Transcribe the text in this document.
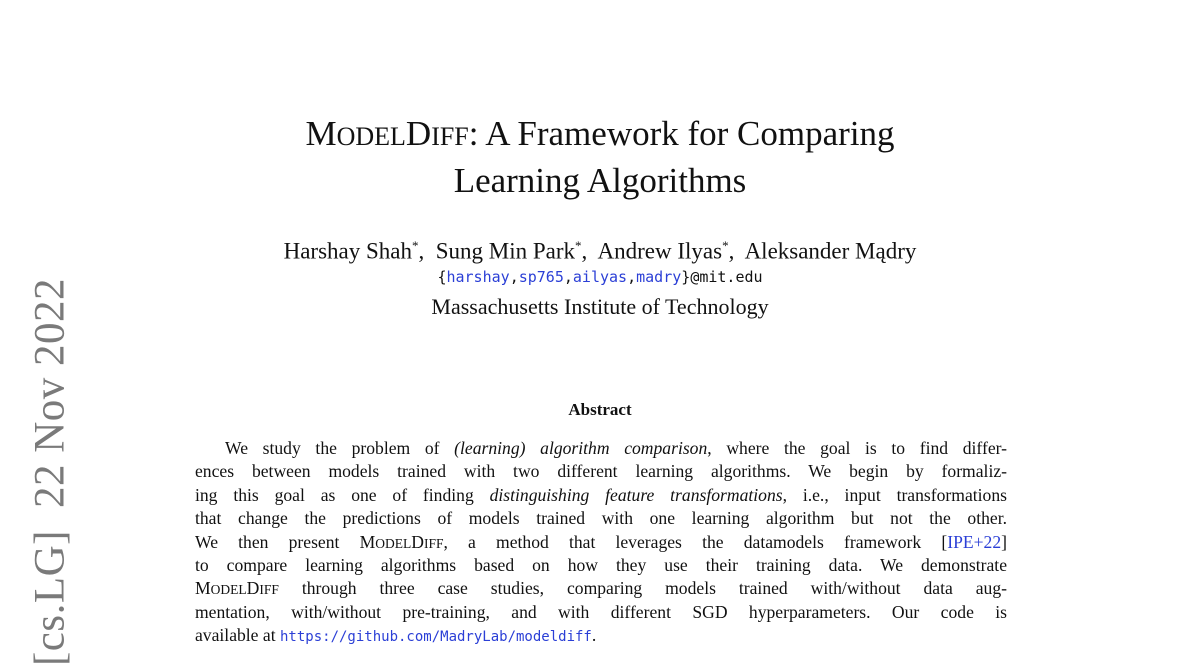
[cs.LG]22 Nov 2022
MODELDIFF: A Framework for Comparing
Learning Algorithms
Harshay Shah*,  Sung Min Park*,  Andrew Ilyas*,  Aleksander Mądry
{harshay,sp765,ailyas,madry}@mit.edu
Massachusetts Institute of Technology
Abstract
We study the problem of (learning) algorithm comparison, where the goal is to find differ-
ences between models trained with two different learning algorithms. We begin by formaliz-
ing this goal as one of finding distinguishing feature transformations, i.e., input transformations
that change the predictions of models trained with one learning algorithm but not the other.
We then present MODELDIFF, a method that leverages the datamodels framework [IPE+22]
to compare learning algorithms based on how they use their training data. We demonstrate
MODELDIFF through three case studies, comparing models trained with/without data aug-
mentation, with/without pre-training, and with different SGD hyperparameters. Our code is
available at https://github.com/MadryLab/modeldiff.
